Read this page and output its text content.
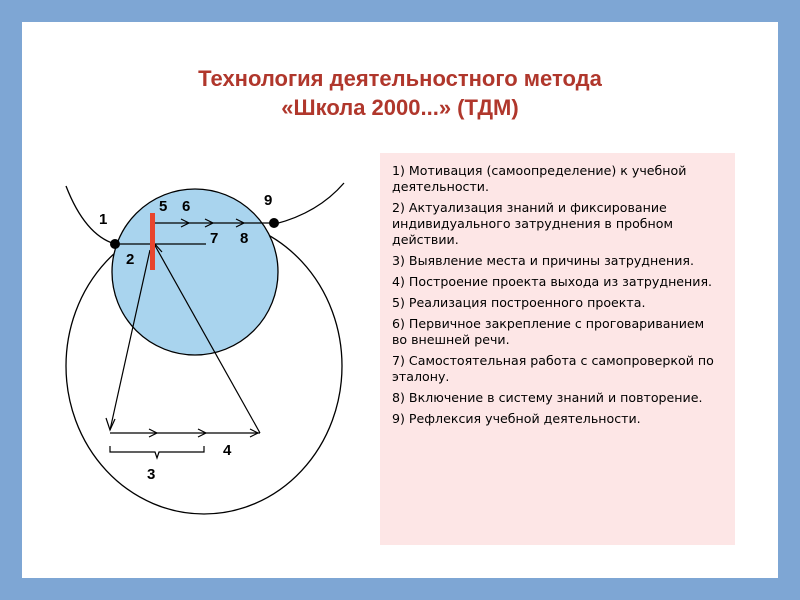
Технология деятельностного метода
«Школа 2000...» (ТДМ)
1) Мотивация (самоопределение) к учебной деятельности.
2) Актуализация знаний и фиксирование индивидуального затруднения в пробном действии.
3) Выявление места и причины затруднения.
4) Построение проекта выхода из затруднения.
5) Реализация построенного проекта.
6) Первичное закрепление с проговариванием во внешней речи.
7) Самостоятельная работа с самопроверкой по эталону.
8) Включение в систему знаний и повторение.
9) Рефлексия учебной деятельности.
1
2
3
4
5 6
7 8
9
